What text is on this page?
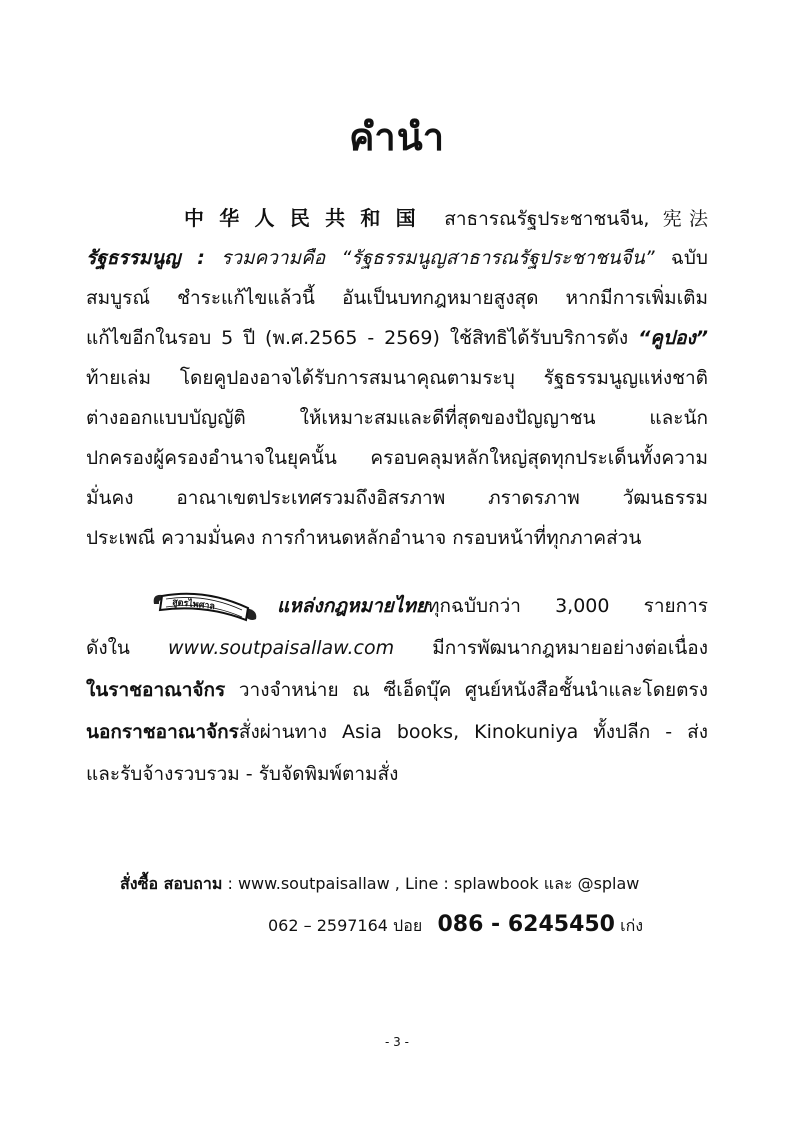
คำนำ
中华人民共和国 สาธารณรัฐประชาชนจีน, 宪法
รัฐธรรมนูญ : รวมความคือ “รัฐธรรมนูญสาธารณรัฐประชาชนจีน” ฉบับ
สมบูรณ์ ชำระแก้ไขแล้วนี้ อันเป็นบทกฎหมายสูงสุด หากมีการเพิ่มเติม
แก้ไขอีกในรอบ 5 ปี (พ.ศ.2565 - 2569) ใช้สิทธิได้รับบริการดัง “คูปอง”
ท้ายเล่ม โดยคูปองอาจได้รับการสมนาคุณตามระบุ รัฐธรรมนูญแห่งชาติ
ต่างออกแบบบัญญัติ ให้เหมาะสมและดีที่สุดของปัญญาชน และนัก
ปกครองผู้ครองอำนาจในยุคนั้น ครอบคลุมหลักใหญ่สุดทุกประเด็นทั้งความ
มั่นคง อาณาเขตประเทศรวมถึงอิสรภาพ ภราดรภาพ วัฒนธรรม
ประเพณี ความมั่นคง การกำหนดหลักอำนาจ กรอบหน้าที่ทุกภาคส่วน
สูตรไพศาล	แหล่งกฎหมายไทยทุกฉบับกว่า 3,000 รายการ
ดังใน www.soutpaisallaw.com มีการพัฒนากฎหมายอย่างต่อเนื่อง
ในราชอาณาจักร วางจำหน่าย ณ ซีเอ็ดบุ๊ค ศูนย์หนังสือชั้นนำและโดยตรง
นอกราชอาณาจักรสั่งผ่านทาง Asia books, Kinokuniya ทั้งปลีก - ส่ง
และรับจ้างรวบรวม - รับจัดพิมพ์ตามสั่ง
สั่งซื้อ สอบถาม : www.soutpaisallaw , Line : splawbook และ @splaw
062 – 2597164 ปอย 086 - 6245450 เก่ง
- 3 -
